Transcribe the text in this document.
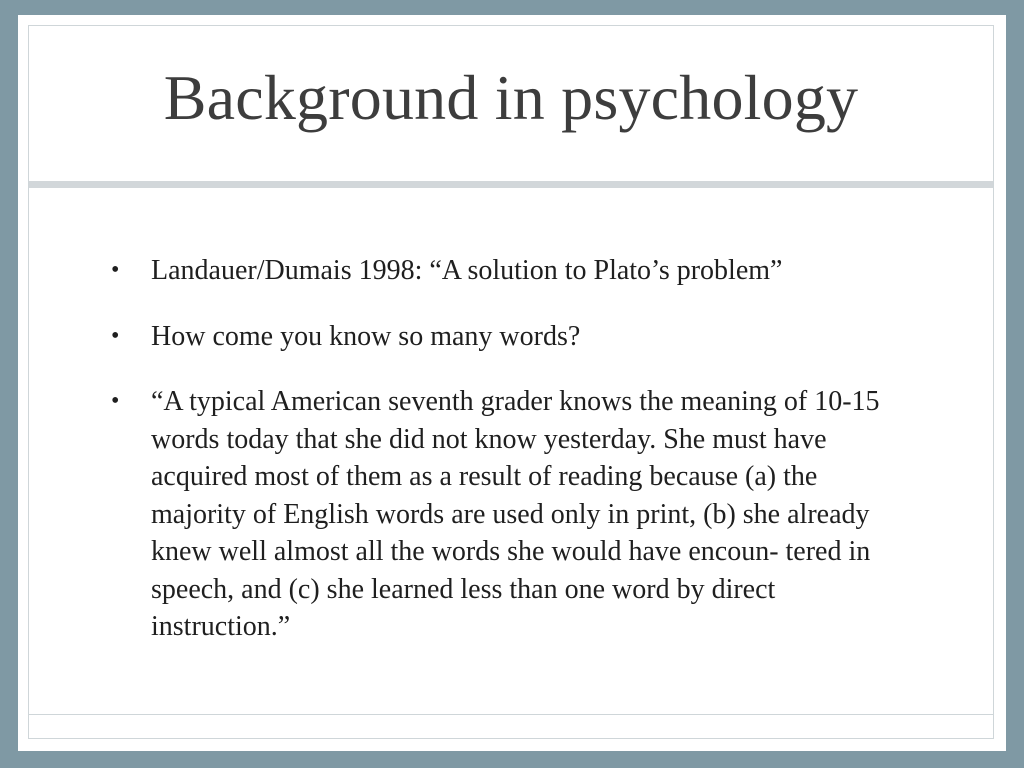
Background in psychology
• Landauer/Dumais 1998: “A solution to Plato’s problem”
• How come you know so many words?
• “A typical American seventh grader knows the meaning of 10-15 words today that she did not know yesterday. She must have acquired most of them as a result of reading because (a) the majority of English words are used only in print, (b) she already knew well almost all the words she would have encoun- tered in speech, and (c) she learned less than one word by direct instruction.”
